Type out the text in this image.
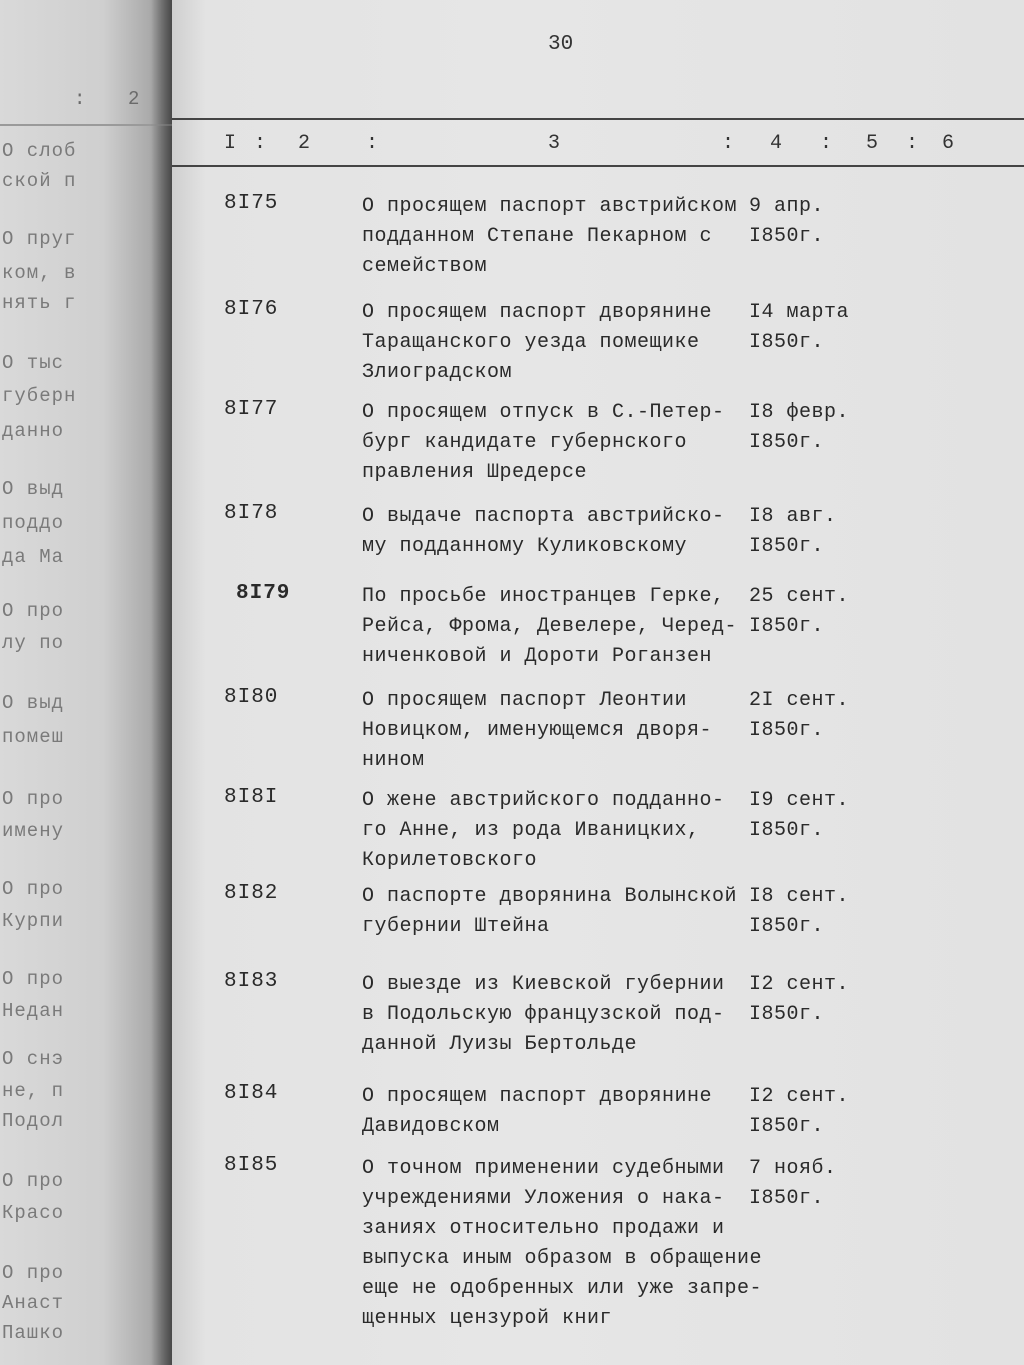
: 2
О слоб
ской п
О пруг
ком, в
нять г
О тыс
губерн
данно
О выд
поддо
да Ма
О про
лу по
О выд
помеш
О про
имену
О про
Курпи
О про
Недан
О снэ
не, п
Подол
О про
Красо
О про
Анаст
Пашко
30
I : 2	:	3	: 4 : 5 : 6
8I75	О просящем паспорт австрийском
подданном Степане Пекарном с
семейством
9 апр.
I850г.
8I76	О просящем паспорт дворянине
Таращанского уезда помещике
Злиоградском
I4 марта
I850г.
8I77	О просящем отпуск в С.-Петер-
бург кандидате губернского
правления Шредерсе
I8 февр.
I850г.
8I78	О выдаче паспорта австрийско-
му подданному Куликовскому
I8 авг.
I850г.
8I79	По просьбе иностранцев Герке,
Рейса, Фрома, Девелере, Черед-
ниченковой и Дороти Роганзен
25 сент.
I850г.
8I80	О просящем паспорт Леонтии
Новицком, именующемся дворя-
нином
2I сент.
I850г.
8I8I	О жене австрийского подданно-
го Анне, из рода Иваницких,
Корилетовского
I9 сент.
I850г.
8I82	О паспорте дворянина Волынской
губернии Штейна
I8 сент.
I850г.
8I83	О выезде из Киевской губернии
в Подольскую французской под-
данной Луизы Бертольде
I2 сент.
I850г.
8I84	О просящем паспорт дворянине
Давидовском
I2 сент.
I850г.
8I85	О точном применении судебными
учреждениями Уложения о нака-
заниях относительно продажи и
выпуска иным образом в обращение
еще не одобренных или уже запре-
щенных цензурой книг
7 нояб.
I850г.
